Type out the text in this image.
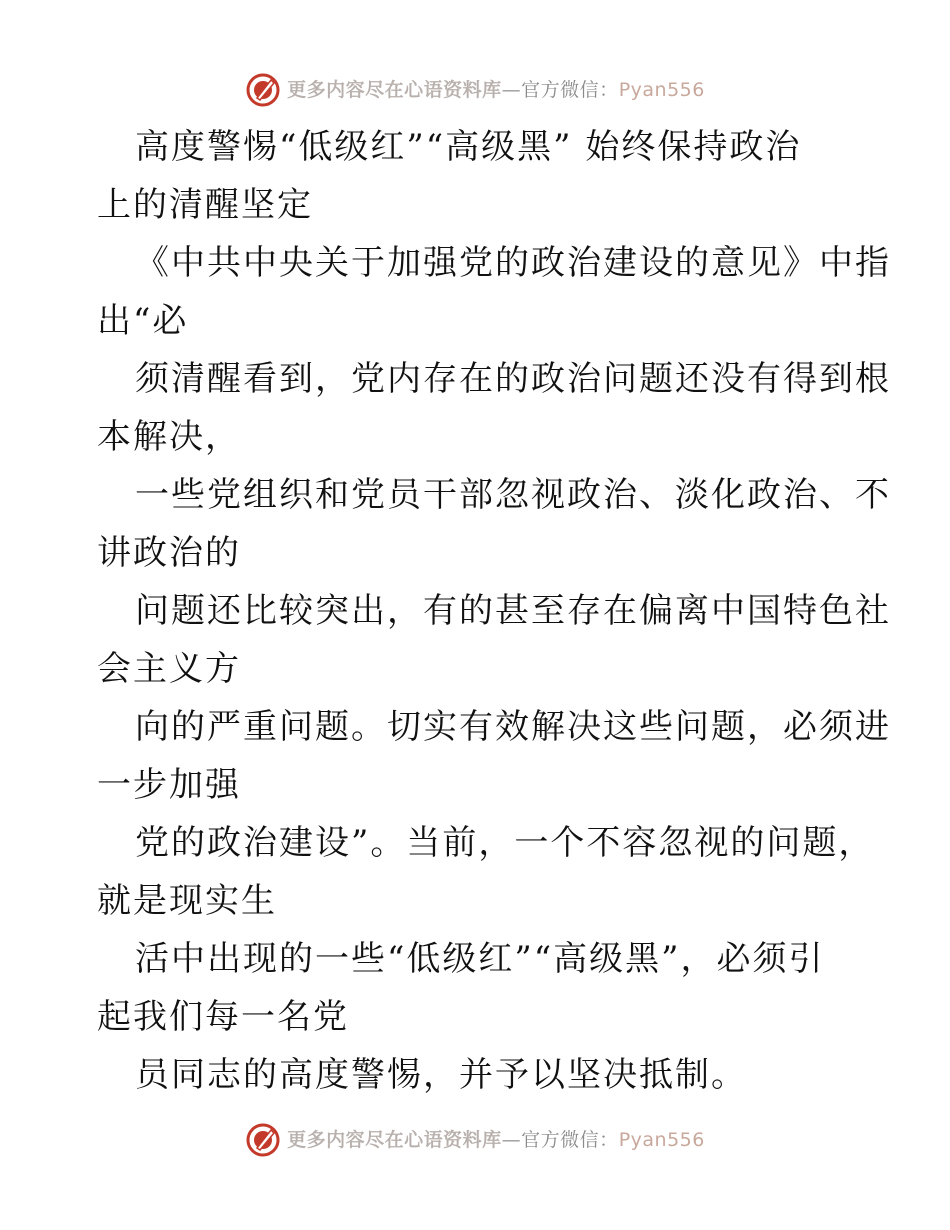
更多内容尽在心语资料库—官方微信：Pyan556

高度警惕“低级红”“高级黑” 始终保持政治
上的清醒坚定

《中共中央关于加强党的政治建设的意见》中指
出“必

须清醒看到，党内存在的政治问题还没有得到根
本解决，

一些党组织和党员干部忽视政治、淡化政治、不
讲政治的

问题还比较突出，有的甚至存在偏离中国特色社
会主义方

向的严重问题。切实有效解决这些问题，必须进
一步加强

党的政治建设”。当前，一个不容忽视的问题，
就是现实生

活中出现的一些“低级红”“高级黑”，必须引
起我们每一名党

员同志的高度警惕，并予以坚决抵制。

更多内容尽在心语资料库—官方微信：Pyan556
